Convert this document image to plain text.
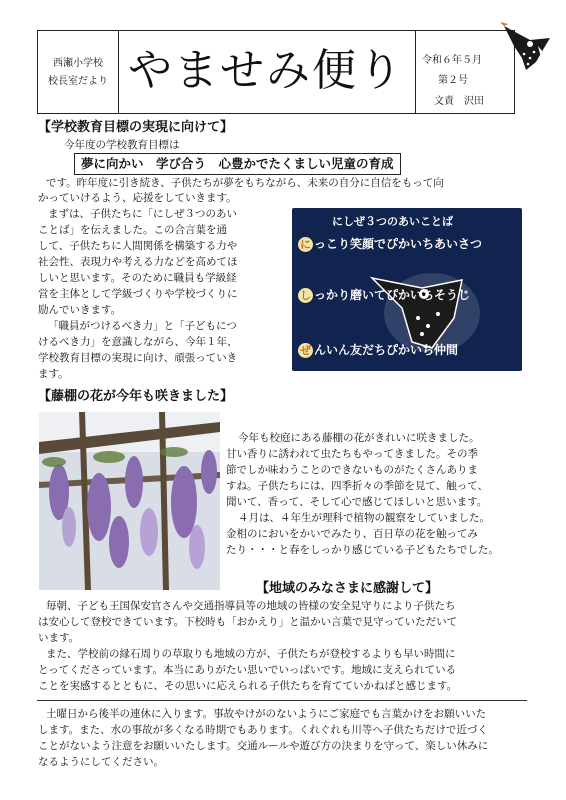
西瀬小学校
校長室だより やませみ便り 令和６年５月
第２号
文責　沢田
【学校教育目標の実現に向けて】
今年度の学校教育目標は
夢に向かい　学び合う　心豊かでたくましい児童の育成
です。昨年度に引き続き、子供たちが夢をもちながら、未来の自分に自信をもって向
かっていけるよう、応援をしていきます。
まずは、子供たちに「にしぜ３つのあい
ことば」を伝えました。この合言葉を通
して、子供たちに人間関係を構築する力や
社会性、表現力や考える力などを高めてほ
しいと思います。そのために職員も学級経
営を主体として学級づくりや学校づくりに
励んでいきます。
「職員がつけるべき力」と「子どもにつ
けるべき力」を意識しながら、今年１年、
学校教育目標の実現に向け、頑張っていき
ます。
にしぜ３つのあいことば
に っこり笑顔でぴかいちあいさつ
し っかり磨いてぴかいちそうじ
ぜ んいん友だちぴかいち仲間
【藤棚の花が今年も咲きました】
今年も校庭にある藤棚の花がきれいに咲きました。
甘い香りに誘われて虫たちもやってきました。その季
節でしか味わうことのできないものがたくさんありま
すね。子供たちには、四季折々の季節を見て、触って、
聞いて、香って、そして心で感じてほしいと思います。
４月は、４年生が理科で植物の観察をしていました。
金相のにおいをかいでみたり、百日草の花を触ってみ
たり・・・と春をしっかり感じている子どもたちでした。
【地域のみなさまに感謝して】
毎朝、子ども王国保安官さんや交通指導員等の地域の皆様の安全見守りにより子供たち
は安心して登校できています。下校時も「おかえり」と温かい言葉で見守っていただいて
います。
また、学校前の縁石周りの草取りも地域の方が、子供たちが登校するよりも早い時間に
とってくださっています。本当にありがたい思いでいっぱいです。地域に支えられている
ことを実感するとともに、その思いに応えられる子供たちを育てていかねばと感じます。
土曜日から後半の連休に入ります。事故やけがのないようにご家庭でも言葉かけをお願いいた
します。また、水の事故が多くなる時期でもあります。くれぐれも川等へ子供たちだけで近づく
ことがないよう注意をお願いいたします。交通ルールや遊び方の決まりを守って、楽しい休みに
なるようにしてください。
